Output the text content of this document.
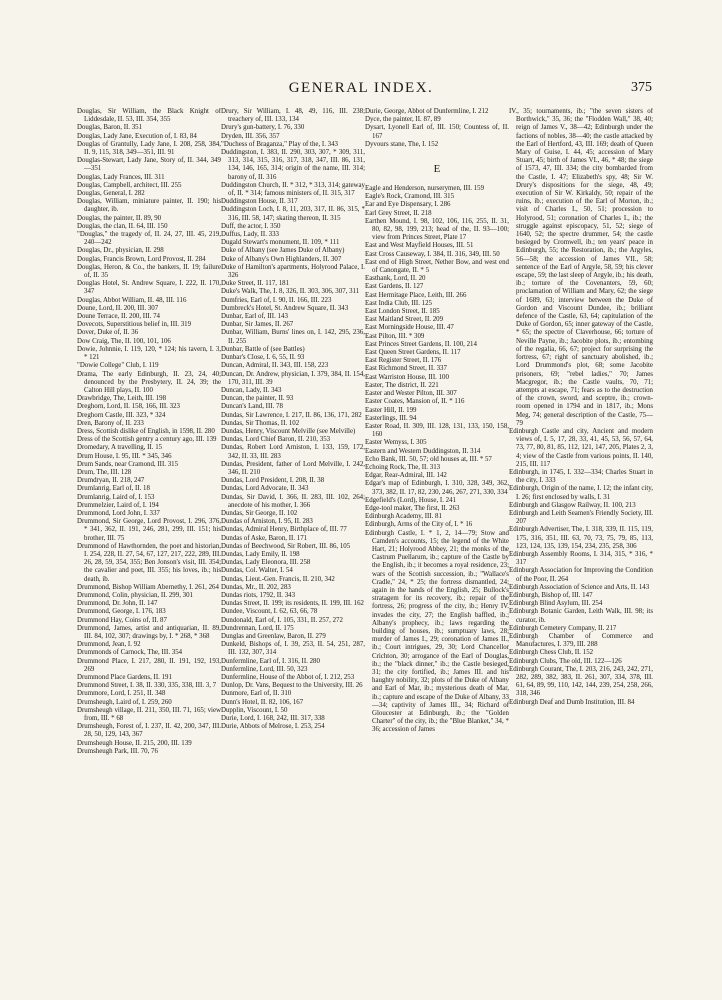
GENERAL INDEX.	375

Douglas, Sir William, the Black Knight of Liddesdale, II. 53, III. 354, 355

Douglas, Baron, II. 351

Douglas, Lady Jane, Execution of, I. 83, 84

Douglas of Grantully, Lady Jane, I. 208, 258, 384, II. 9, 115, 318, 349—351, III. 91

Douglas-Stewart, Lady Jane, Story of, II. 344, 349—351

Douglas, Lady Frances, III. 311

Douglas, Campbell, architect, III. 255

Douglas, General, I. 282

Douglas, William, miniature painter, II. 190; his daughter, ib.

Douglas, the painter, II. 89, 90

Douglas, the clan, II. 64, III. 150

"Douglas," the tragedy of, II. 24, 27, III. 45, 219, 240—242

Douglas, Dr., physician, II. 298

Douglas, Francis Brown, Lord Provost, II. 284

Douglas, Heron, & Co., the bankers, II. 19; failure of, II. 35

Douglas Hotel, St. Andrew Square, I. 222, II. 170, 347

Douglas, Abbot William, II. 48, III. 116

Doune, Lord, II. 200, III. 307

Doune Terrace, II. 200, III. 74

Dovecots, Superstitious belief in, III. 319

Dover, Duke of, II. 36

Dow Craig, The, II. 100, 101, 106

Dowie, Johnnie, I. 119, 120, * 124; his tavern, I. 3, * 121

"Dowie College" Club, I. 119

Drama, The early Edinburgh, II. 23, 24, 40; denounced by the Presbytery, II. 24, 39; the Calton Hill plays, II. 100

Drawbridge, The, Leith, III. 198

Dreghorn, Lord, II. 158, 166, III. 323

Dreghorn Castle, III. 323, * 324

Dren, Barony of, II. 233

Dress, Scottish dislike of English, in 1598, II. 280

Dress of the Scottish gentry a century ago, III. 139

Dromedary, A travelling, II. 15

Drum House, I. 95, III. * 345, 346

Drum Sands, near Cramond, III. 315

Drum, The, III. 128

Drumdryan, II. 218, 247

Drumlanrig, Earl of, II. 18

Drumlanrig, Laird of, I. 153

Drummelzier, Laird of, I. 194

Drummond, Lord John, I. 337

Drummond, Sir George, Lord Provost, I. 296, 376, * 341, 362, II. 191, 246, 281, 299, III. 151; his brother, III. 75

Drummond of Hawthornden, the poet and historian, I. 254, 228, II. 27, 54, 67, 127, 217, 222, 289, III. 26, 28, 59, 354, 355; Ben Jonson's visit, III. 354; the cavalier and poet, III. 355; his loves, ib.; his death, ib.

Drummond, Bishop William Abernethy, I. 261, 264

Drummond, Colin, physician, II. 299, 301

Drummond, Dr. John, II. 147

Drummond, George, I. 176, 183

Drummond Hay, Coins of, II. 87

Drummond, James, artist and antiquarian, II. 89, III. 84, 102, 307; drawings by, I. * 268, * 368

Drummond, Jean, I. 92

Drummonds of Carnock, The, III. 354

Drummond Place, I. 217, 280, II. 191, 192, 193, 269

Drummond Place Gardens, II. 191

Drummond Street, I. 38, II. 330, 335, 338, III. 3, 7

Drummore, Lord, I. 251, II. 348

Drumsheugh, Laird of, I. 259, 260

Drumsheugh village, II. 211, 350, III. 71, 165; view from, III. * 68

Drumsheugh, Forest of, I. 237, II. 42, 200, 347, III. 28, 50, 129, 143, 367

Drumsheugh House, II. 215, 200, III. 139

Drumsheugh Park, III. 70, 76

Drury, Sir William, I. 48, 49, 116, III. 238; treachery of, III. 133, 134

Drury's gun-battery, I. 76, 330

Dryden, III. 356, 357

"Duchess of Braganza," Play of the, I. 343

Duddingston, I. 383, II. 290, 303, 307, * 309, 311, 313, 314, 315, 316, 317, 318, 347, III. 86, 131, 134, 146, 165, 314; origin of the name, III. 314; barony of, II. 316

Duddingston Church, II. * 312, * 313, 314; gateway of, II. * 314; famous ministers of, II. 315, 317

Duddingston House, II. 317

Duddingston Loch, I. 8, 11, 203, 317, II. 86, 315, * 316, III. 58, 147; skating thereon, II. 315

Duff, the actor, I. 350

Duffus, Lady, II. 333

Dugald Stewart's monument, II. 109, * 111

Duke of Albany (see James Duke of Albany)

Duke of Albany's Own Highlanders, II. 307

Duke of Hamilton's apartments, Holyrood Palace, I. 326

Duke Street, II. 117, 181

Duke's Walk, The, I. 8, 326, II. 303, 306, 307, 311

Dumfries, Earl of, I. 90, II. 166, III. 223

Dumbreck's Hotel, St. Andrew Square, II. 343

Dunbar, Earl of, III. 143

Dunbar, Sir James, II. 267

Dunbar, William, Burns' lines on, I. 142, 295, 236, II. 255

Dunbar, Battle of (see Battles)

Dunbar's Close, I. 6, 55, II. 93

Duncan, Admiral, II. 343, III. 158, 223

Duncan, Dr. Andrew, physician, I. 379, 384, II. 154, 170, 311, III. 39

Duncan, Lady, II. 343

Duncan, the painter, II. 93

Duncan's Land, III. 78

Dundas, Sir Lawrence, I. 217, II. 86, 136, 171, 282

Dundas, Sir Thomas, II. 102

Dundas, Henry, Viscount Melville (see Melville)

Dundas, Lord Chief Baron, II. 210, 353

Dundas, Robert Lord Arniston, I. 133, 159, 172, 342, II. 33, III. 283

Dundas, President, father of Lord Melville, I. 242, 346, II. 210

Dundas, Lord President, I. 208, II. 38

Dundas, Lord Advocate, II. 343

Dundas, Sir David, I. 366, II. 283, III. 102, 264; anecdote of his mother, I. 366

Dundas, Sir George, II. 102

Dundas of Arniston, I. 95, II. 283

Dundas, Admiral Henry, Birthplace of, III. 77

Dundas of Aske, Baron, II. 171

Dundas of Beechwood, Sir Robert, III. 86, 105

Dundas, Lady Emily, II. 198

Dundas, Lady Eleonora, III. 258

Dundas, Col. Walter, I. 54

Dundas, Lieut.-Gen. Francis, II. 210, 342

Dundas, Mr., II. 202, 283

Dundas riots, 1792, II. 343

Dundas Street, II. 199; its residents, II. 199, III. 162

Dundee, Viscount, I. 62, 63, 66, 78

Dundonald, Earl of, I. 105, 331, II. 257, 272

Dundrennan, Lord, II. 175

Dunglas and Greenlaw, Baron, II. 279

Dunkeld, Bishops of, I. 39, 253, II. 54, 251, 287, III. 132, 307, 314

Dunfermline, Earl of, I. 316, II. 280

Dunfermline, Lord, III. 50, 323

Dunfermline, House of the Abbot of, I. 212, 253

Dunlop, Dr. Vans, Bequest to the University, III. 26

Dunmore, Earl of, II. 310

Dunn's Hotel, II. 82, 106, 167

Dupplin, Viscount, I. 50

Durie, Lord, I. 168, 242, III. 317, 338

Durie, Abbots of Melrose, I. 253, 254

Durie, George, Abbot of Dunfermline, I. 212

Dyce, the painter, II. 87, 89

Dysart, Lyonell Earl of, III. 150; Countess of, II. 167

Dyvours stane, The, I. 152

E

Eagle and Henderson, nurserymen, III. 159

Eagle's Rock, Cramond, III. 315

Ear and Eye Dispensary, I. 286

Earl Grey Street, II. 218

Earthen Mound, I. 98, 102, 106, 116, 255, II. 31, 80, 82, 98, 199, 213; head of the, II. 93—100; view from Princes Street, Plate 17

East and West Mayfield Houses, III. 51

East Cross Causeway, I. 384, II. 316, 349, III. 50

East end of High Street, Nether Bow, and west end of Canongate, II. * 5

Easthank, Lord, II. 20

East Gardens, II. 127

East Hermitage Place, Leith, III. 266

East India Club, III. 125

East London Street, II. 185

East Maitland Street, II. 209

East Morningside House, III. 47

East Pilton, III. * 309

East Princes Street Gardens, II. 100, 214

East Queen Street Gardens, II. 117

East Register Street, II. 176

East Richmond Street, II. 337

East Warriston House, III. 100

Easter, The district, II. 221

Easter and Wester Pilton, III. 307

Easter Coates, Mansion of, II. * 116

Easter Hill, II. 199

Easterlings, III. 94

Easter Road, II. 309, III. 128, 131, 133, 150, 158, 160

Easter Wemyss, I. 305

Eastern and Western Duddingston, II. 314

Echo Bank, III. 50, 57; old houses at, III. * 57

Echoing Rock, The, II. 313

Edgar, Rear-Admiral, III. 142

Edgar's map of Edinburgh, I. 310, 328, 349, 362, 373, 382, II. 17, 82, 230, 246, 267, 271, 330, 334

Edgefield's (Lord), House, I. 241

Edge-tool maker, The first, II. 263

Edinburgh Academy, III. 81

Edinburgh, Arms of the City of, I. * 16

Edinburgh Castle, I. * 1, 2, 14—79; Stow and Camden's accounts, 15; the legend of the White Hart, 21; Holyrood Abbey, 21; the monks of the Castrum Puellarum, ib.; capture of the Castle by the English, ib.; it becomes a royal residence, 23; wars of the Scottish succession, ib.; "Wallace's Cradle," 24, * 25; the fortress dismantled, 24; again in the hands of the English, 25; Bullock's stratagem for its recovery, ib.; repair of the fortress, 26; progress of the city, ib.; Henry IV. invades the city, 27; the English baffled, ib.; Albany's prophecy, ib.; laws regarding the building of houses, ib.; sumptuary laws, 28; murder of James I., 29; coronation of James II., ib.; Court intrigues, 29, 30; Lord Chancellor Crichton, 30; arrogance of the Earl of Douglas, ib.; the "black dinner," ib.; the Castle besieged, 31; the city fortified, ib.; James III. and his haughty nobility, 32; plots of the Duke of Albany and Earl of Mar, ib.; mysterious death of Mar, ib.; capture and escape of the Duke of Albany, 33—34; captivity of James III., 34; Richard of Gloucester at Edinburgh, ib.; the "Golden Charter" of the city, ib.; the "Blue Blanket," 34, * 36; accession of James

IV., 35; tournaments, ib.; "the seven sisters of Borthwick," 35, 36; the "Flodden Wall," 38, 40; reign of James V., 38—42; Edinburgh under the factions of nobles, 38—40; the castle attacked by the Earl of Hertford, 43, III. 169; death of Queen Mary of Guise, I. 44, 45; accession of Mary Stuart, 45; birth of James VI., 46, * 48; the siege of 1573, 47, III. 334; the city bombarded from the Castle, I. 47; Elizabeth's spy, 48; Sir W. Drury's dispositions for the siege, 48, 49; execution of Sir W. Kirkaldy, 50; repair of the ruins, ib.; execution of the Earl of Morton, ib.; visit of Charles I., 50, 51; procession to Holyrood, 51; coronation of Charles I., ib.; the struggle against episcopacy, 51, 52; siege of 1640, 52; the spectre drummer, 54; the castle besieged by Cromwell, ib.; ten years' peace in Edinburgh, 55; the Restoration, ib.; the Argyles, 56—58; the accession of James VII., 58; sentence of the Earl of Argyle, 58, 59; his clever escape, 59; the last sleep of Argyle, ib.; his death, ib.; torture of the Covenanters, 59, 60; proclamation of William and Mary, 62; the siege of 1689, 63; interview between the Duke of Gordon and Viscount Dundee, ib.; brilliant defence of the Castle, 63, 64; capitulation of the Duke of Gordon, 65; inner gateway of the Castle, * 65; the spectre of Claverhouse, 66; torture of Neville Payne, ib.; Jacobite plots, ib.; entombing of the regalia, 66, 67; project for surprising the fortress, 67; right of sanctuary abolished, ib.; Lord Drummond's plot, 68; some Jacobite prisoners, 69; "rebel ladies," 70; James Macgregor, ib.; the Castle vaults, 70, 71; attempts at escape, 71; fears as to the destruction of the crown, sword, and sceptre, ib.; crown-room opened in 1794 and in 1817, ib.; Mons Meg, 74; general description of the Castle, 75—79

Edinburgh Castle and city, Ancient and modern views of, I. 5, 17, 28, 33, 41, 45, 53, 56, 57, 64, 73, 77, 80, 81, 85, 112, 121, 147, 205, Plates 2, 3, 4; view of the Castle from various points, II. 140, 215, III. 117

Edinburgh, in 1745, I. 332—334; Charles Stuart in the city, I. 333

Edinburgh, Origin of the name, I. 12; the infant city, I. 26; first enclosed by walls, I. 31

Edinburgh and Glasgow Railway, II. 100, 213

Edinburgh and Leith Seamen's Friendly Society, III. 207

Edinburgh Advertiser, The, I. 318, 339, II. 115, 119, 175, 316, 351, III. 63, 70, 73, 75, 79, 85, 113, 123, 124, 135, 139, 154, 234, 235, 258, 306

Edinburgh Assembly Rooms, I. 314, 315, * 316, * 317

Edinburgh Association for Improving the Condition of the Poor, II. 264

Edinburgh Association of Science and Arts, II. 143

Edinburgh, Bishop of, III. 147

Edinburgh Blind Asylum, III. 254

Edinburgh Botanic Garden, Leith Walk, III. 98; its curator, ib.

Edinburgh Cemetery Company, II. 217

Edinburgh Chamber of Commerce and Manufactures, I. 379, III. 288

Edinburgh Chess Club, II. 152

Edinburgh Clubs, The old, III. 122—126

Edinburgh Courant, The, I. 203, 216, 243, 242, 271, 282, 289, 382, 383, II. 261, 307, 334, 378, III. 61, 64, 89, 99, 110, 142, 144, 239, 254, 258, 266, 318, 346

Edinburgh Deaf and Dumb Institution, III. 84
